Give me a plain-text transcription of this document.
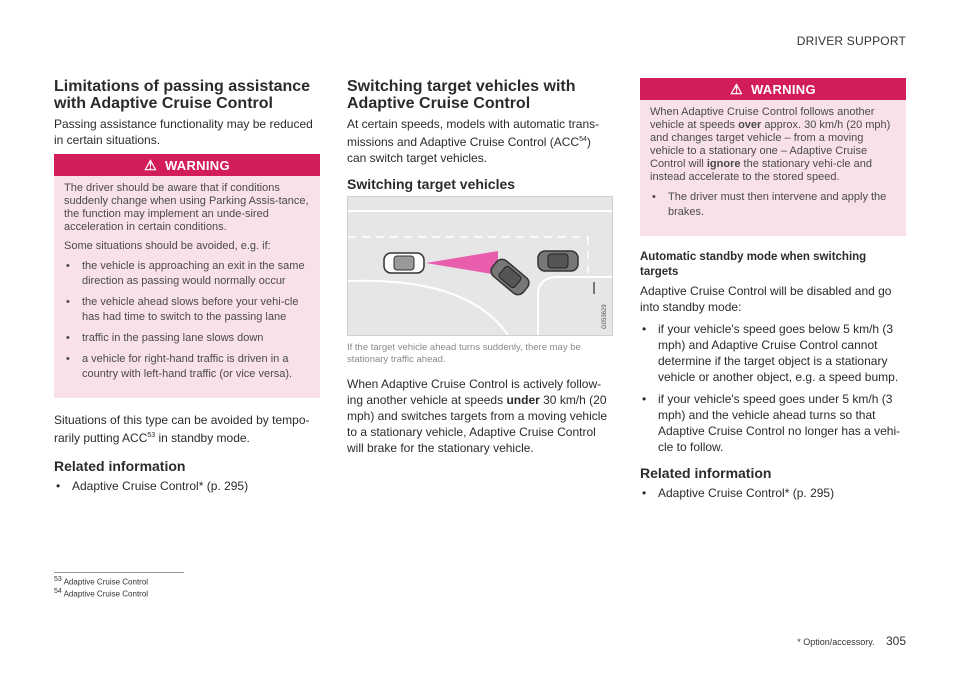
DRIVER SUPPORT
Limitations of passing assistance with Adaptive Cruise Control

Passing assistance functionality may be reduced in certain situations.

⚠ WARNING

The driver should be aware that if conditions suddenly change when using Parking Assis-tance, the function may implement an unde-sired acceleration in certain conditions.

Some situations should be avoided, e.g. if:

• the vehicle is approaching an exit in the same direction as passing would normally occur
• the vehicle ahead slows before your vehi-cle has had time to switch to the passing lane
• traffic in the passing lane slows down
• a vehicle for right-hand traffic is driven in a country with left-hand traffic (or vice versa).

Situations of this type can be avoided by tempo-rarily putting ACC$^{53}$ in standby mode.

Related information
• Adaptive Cruise Control* (p. 295)
Switching target vehicles with Adaptive Cruise Control

At certain speeds, models with automatic trans-missions and Adaptive Cruise Control (ACC$^{54}$) can switch target vehicles.

Switching target vehicles
G053629

If the target vehicle ahead turns suddenly, there may be stationary traffic ahead.

When Adaptive Cruise Control is actively follow-ing another vehicle at speeds under 30 km/h (20 mph) and switches targets from a moving vehicle to a stationary vehicle, Adaptive Cruise Control will brake for the stationary vehicle.

⚠ WARNING

When Adaptive Cruise Control follows another vehicle at speeds over approx. 30 km/h (20 mph) and changes target vehicle – from a moving vehicle to a stationary one – Adaptive Cruise Control will ignore the stationary vehi-cle and instead accelerate to the stored speed.

• The driver must then intervene and apply the brakes.
Automatic standby mode when switching targets

Adaptive Cruise Control will be disabled and go into standby mode:

• if your vehicle's speed goes below 5 km/h (3 mph) and Adaptive Cruise Control cannot determine if the target object is a stationary vehicle or another object, e.g. a speed bump.
• if your vehicle's speed goes under 5 km/h (3 mph) and the vehicle ahead turns so that Adaptive Cruise Control no longer has a vehi-cle to follow.
Related information
• Adaptive Cruise Control* (p. 295)
$^{53}$ Adaptive Cruise Control
$^{54}$ Adaptive Cruise Control
* Option/accessory. 305
